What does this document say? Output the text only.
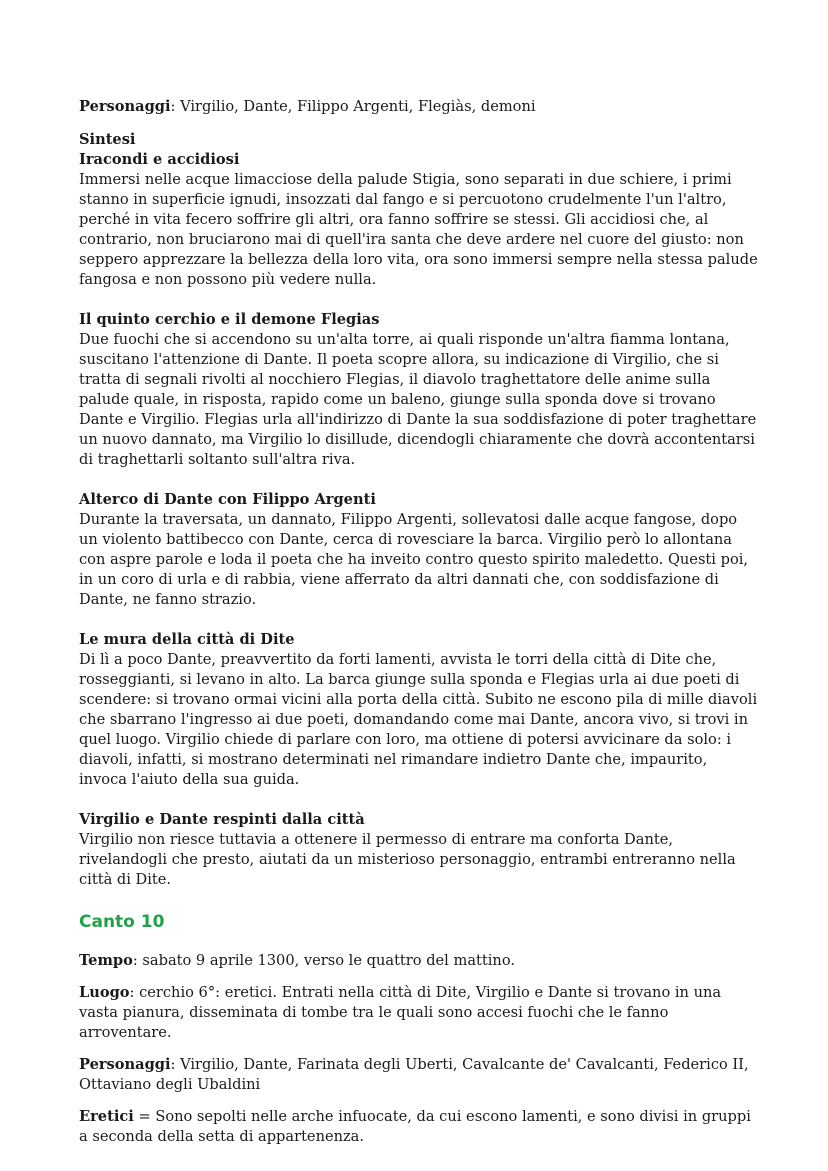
Personaggi: Virgilio, Dante, Filippo Argenti, Flegiàs, demoni

Sintesi

Iracondi e accidiosi

Immersi nelle acque limacciose della palude Stigia, sono separati in due schiere, i primi stanno in superficie ignudi, insozzati dal fango e si percuotono crudelmente l'un l'altro, perché in vita fecero soffrire gli altri, ora fanno soffrire se stessi. Gli accidiosi che, al contrario, non bruciarono mai di quell'ira santa che deve ardere nel cuore del giusto: non seppero apprezzare la bellezza della loro vita, ora sono immersi sempre nella stessa palude fangosa e non possono più vedere nulla.

Il quinto cerchio e il demone Flegias

Due fuochi che si accendono su un'alta torre, ai quali risponde un'altra fiamma lontana, suscitano l'attenzione di Dante. Il poeta scopre allora, su indicazione di Virgilio, che si tratta di segnali rivolti al nocchiero Flegias, il diavolo traghettatore delle anime sulla palude quale, in risposta, rapido come un baleno, giunge sulla sponda dove si trovano Dante e Virgilio. Flegias urla all'indirizzo di Dante la sua soddisfazione di poter traghettare un nuovo dannato, ma Virgilio lo disillude, dicendogli chiaramente che dovrà accontentarsi di traghettarli soltanto sull'altra riva.

Alterco di Dante con Filippo Argenti

Durante la traversata, un dannato, Filippo Argenti, sollevatosi dalle acque fangose, dopo un violento battibecco con Dante, cerca di rovesciare la barca. Virgilio però lo allontana con aspre parole e loda il poeta che ha inveito contro questo spirito maledetto. Questi poi, in un coro di urla e di rabbia, viene afferrato da altri dannati che, con soddisfazione di Dante, ne fanno strazio.

Le mura della città di Dite

Di lì a poco Dante, preavvertito da forti lamenti, avvista le torri della città di Dite che, rosseggianti, si levano in alto. La barca giunge sulla sponda e Flegias urla ai due poeti di scendere: si trovano ormai vicini alla porta della città. Subito ne escono pila di mille diavoli che sbarrano l'ingresso ai due poeti, domandando come mai Dante, ancora vivo, si trovi in quel luogo. Virgilio chiede di parlare con loro, ma ottiene di potersi avvicinare da solo: i diavoli, infatti, si mostrano determinati nel rimandare indietro Dante che, impaurito, invoca l'aiuto della sua guida.

Virgilio e Dante respinti dalla città

Virgilio non riesce tuttavia a ottenere il permesso di entrare ma conforta Dante, rivelandogli che presto, aiutati da un misterioso personaggio, entrambi entreranno nella città di Dite.

Canto 10

Tempo: sabato 9 aprile 1300, verso le quattro del mattino.

Luogo: cerchio 6°: eretici. Entrati nella città di Dite, Virgilio e Dante si trovano in una vasta pianura, disseminata di tombe tra le quali sono accesi fuochi che le fanno arroventare.

Personaggi: Virgilio, Dante, Farinata degli Uberti, Cavalcante de' Cavalcanti, Federico II, Ottaviano degli Ubaldini

Eretici = Sono sepolti nelle arche infuocate, da cui escono lamenti, e sono divisi in gruppi a seconda della setta di appartenenza.
